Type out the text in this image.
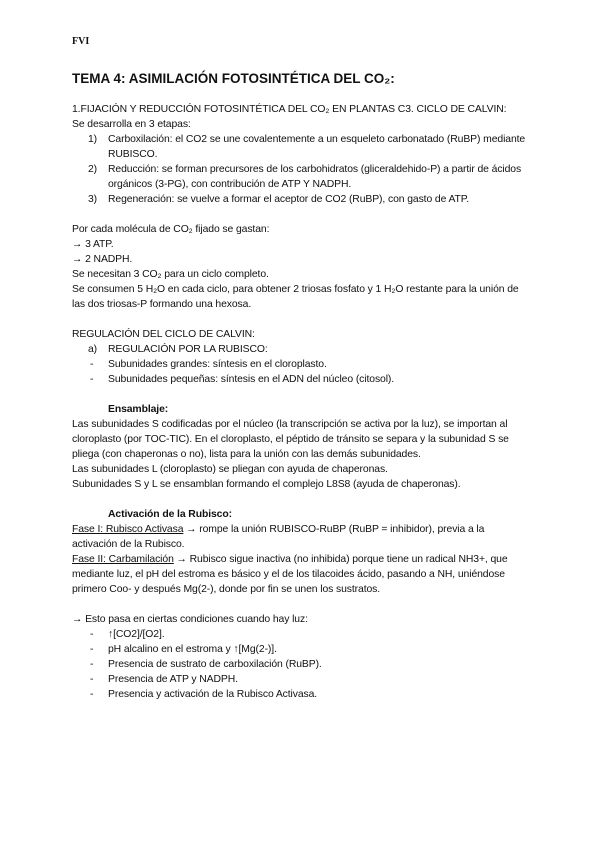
FVI
TEMA 4: ASIMILACIÓN FOTOSINTÉTICA DEL CO₂:

1.FIJACIÓN Y REDUCCIÓN FOTOSINTÉTICA DEL CO₂ EN PLANTAS C3. CICLO DE CALVIN:

Se desarrolla en 3 etapas:

1) Carboxilación: el CO2 se une covalentemente a un esqueleto carbonatado (RuBP) mediante RUBISCO.
2) Reducción: se forman precursores de los carbohidratos (gliceraldehido-P) a partir de ácidos orgánicos (3-PG), con contribución de ATP Y NADPH.
3) Regeneración: se vuelve a formar el aceptor de CO2 (RuBP), con gasto de ATP.

Por cada molécula de CO₂ fijado se gastan:

→ 3 ATP.

→ 2 NADPH.

Se necesitan 3 CO₂ para un ciclo completo.

Se consumen 5 H₂O en cada ciclo, para obtener 2 triosas fosfato y 1 H₂O restante para la unión de las dos triosas-P formando una hexosa.

REGULACIÓN DEL CICLO DE CALVIN:

a) REGULACIÓN POR LA RUBISCO:
- Subunidades grandes: síntesis en el cloroplasto.
- Subunidades pequeñas: síntesis en el ADN del núcleo (citosol).

Ensamblaje:

Las subunidades S codificadas por el núcleo (la transcripción se activa por la luz), se importan al cloroplasto (por TOC-TIC). En el cloroplasto, el péptido de tránsito se separa y la subunidad S se pliega (con chaperonas o no), lista para la unión con las demás subunidades.

Las subunidades L (cloroplasto) se pliegan con ayuda de chaperonas.

Subunidades S y L se ensamblan formando el complejo L8S8 (ayuda de chaperonas).

Activación de la Rubisco:

Fase I: Rubisco Activasa → rompe la unión RUBISCO-RuBP (RuBP = inhibidor), previa a la activación de la Rubisco.

Fase II: Carbamilación → Rubisco sigue inactiva (no inhibida) porque tiene un radical NH3+, que mediante luz, el pH del estroma es básico y el de los tilacoides ácido, pasando a NH, uniéndose primero Coo- y después Mg(2-), donde por fin se unen los sustratos.

→ Esto pasa en ciertas condiciones cuando hay luz:

- ↑[CO2]/[O2].
- pH alcalino en el estroma y ↑[Mg(2-)].
- Presencia de sustrato de carboxilación (RuBP).
- Presencia de ATP y NADPH.
- Presencia y activación de la Rubisco Activasa.
